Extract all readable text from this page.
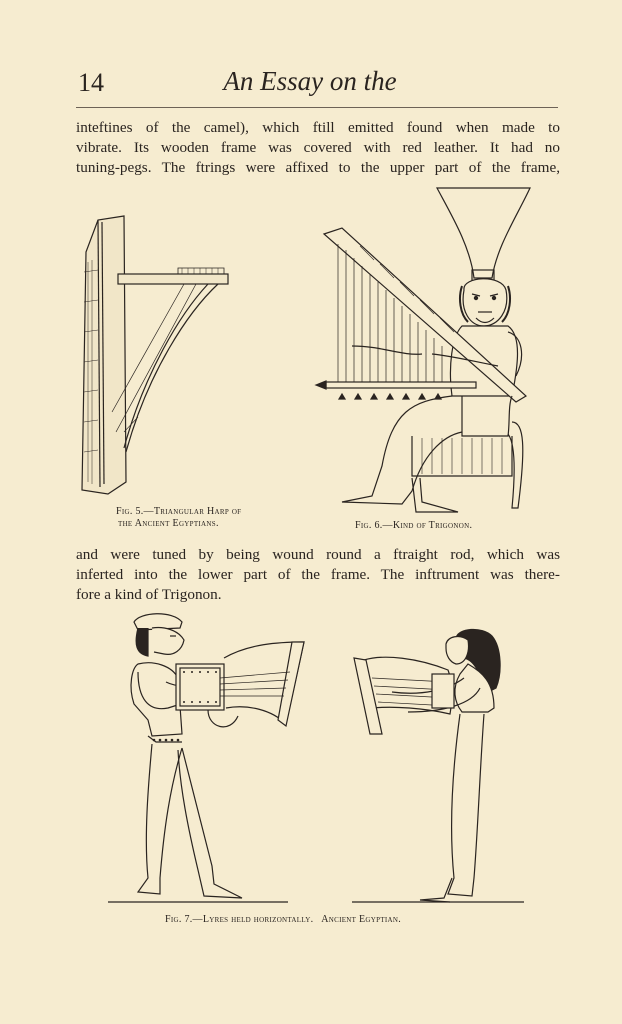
14	An Essay on the
inteftines of the camel), which ftill emitted found when made to
vibrate. Its wooden frame was covered with red leather. It had no
tuning-pegs. The ftrings were affixed to the upper part of the frame,
Fig. 5.—Triangular Harp of
the Ancient Egyptians.	Fig. 6.—Kind of Trigonon.
and were tuned by being wound round a ftraight rod, which was
inferted into the lower part of the frame. The inftrument was there-
fore a kind of Trigonon.
Fig. 7.—Lyres held horizontally.   Ancient Egyptian.
